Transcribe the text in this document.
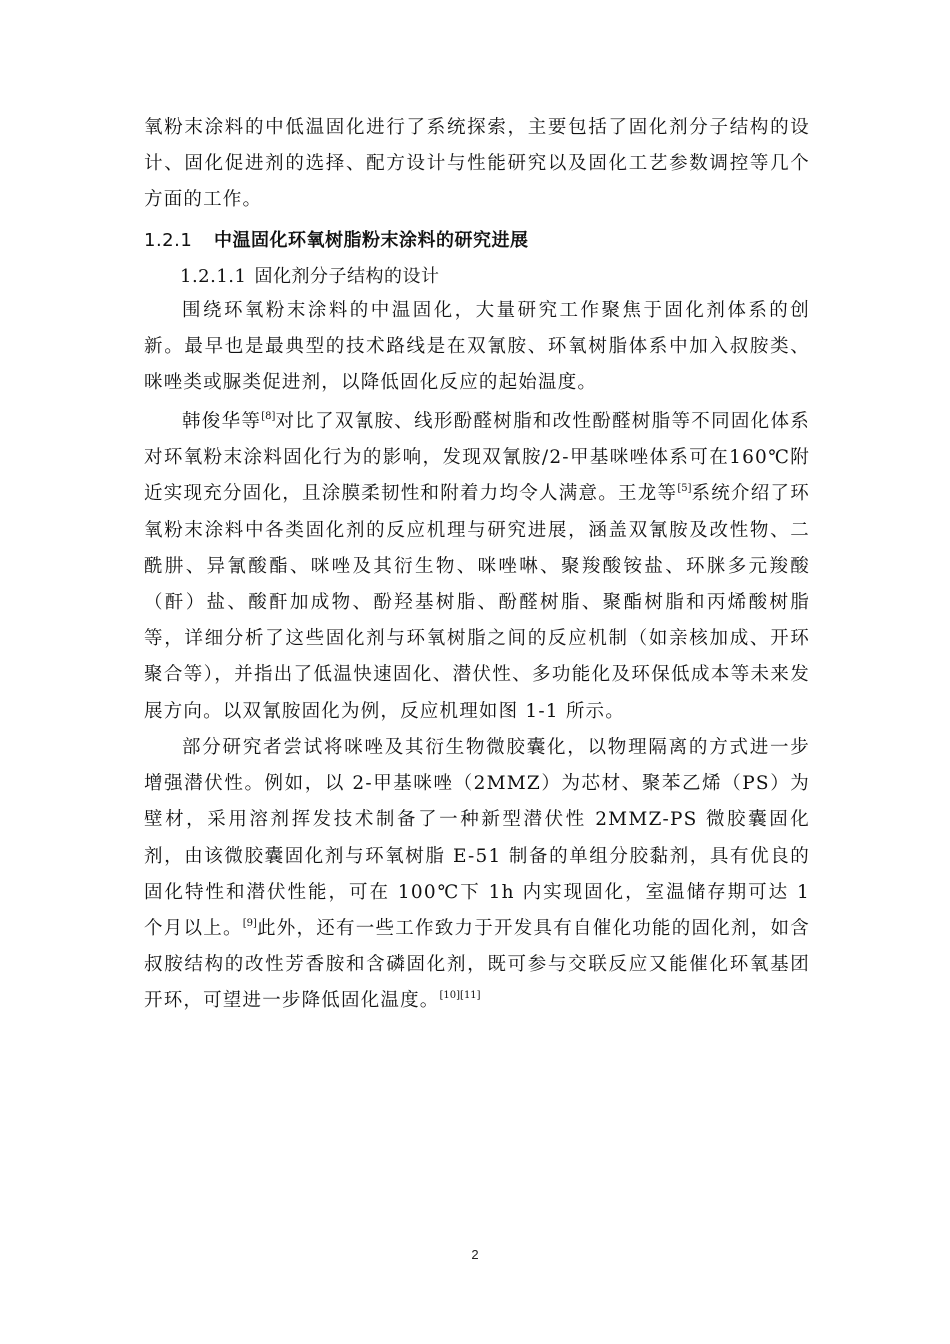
氧粉末涂料的中低温固化进行了系统探索，主要包括了固化剂分子结构的设计、固化促进剂的选择、配方设计与性能研究以及固化工艺参数调控等几个方面的工作。

1.2.1 中温固化环氧树脂粉末涂料的研究进展
1.2.1.1 固化剂分子结构的设计

围绕环氧粉末涂料的中温固化，大量研究工作聚焦于固化剂体系的创新。最早也是最典型的技术路线是在双氰胺、环氧树脂体系中加入叔胺类、咪唑类或脲类促进剂，以降低固化反应的起始温度。

韩俊华等[8]对比了双氰胺、线形酚醛树脂和改性酚醛树脂等不同固化体系对环氧粉末涂料固化行为的影响，发现双氰胺/2-甲基咪唑体系可在160℃附近实现充分固化，且涂膜柔韧性和附着力均令人满意。王龙等[5]系统介绍了环氧粉末涂料中各类固化剂的反应机理与研究进展，涵盖双氰胺及改性物、二酰肼、异氰酸酯、咪唑及其衍生物、咪唑啉、聚羧酸铵盐、环脒多元羧酸（酐）盐、酸酐加成物、酚羟基树脂、酚醛树脂、聚酯树脂和丙烯酸树脂等，详细分析了这些固化剂与环氧树脂之间的反应机制（如亲核加成、开环聚合等），并指出了低温快速固化、潜伏性、多功能化及环保低成本等未来发展方向。以双氰胺固化为例，反应机理如图 1-1 所示。

部分研究者尝试将咪唑及其衍生物微胶囊化，以物理隔离的方式进一步增强潜伏性。例如，以 2-甲基咪唑（2MMZ）为芯材、聚苯乙烯（PS）为壁材，采用溶剂挥发技术制备了一种新型潜伏性 2MMZ-PS 微胶囊固化剂，由该微胶囊固化剂与环氧树脂 E-51 制备的单组分胶黏剂，具有优良的固化特性和潜伏性能，可在 100℃下 1h 内实现固化，室温储存期可达 1 个月以上。[9]此外，还有一些工作致力于开发具有自催化功能的固化剂，如含叔胺结构的改性芳香胺和含磷固化剂，既可参与交联反应又能催化环氧基团开环，可望进一步降低固化温度。[10][11]

2
